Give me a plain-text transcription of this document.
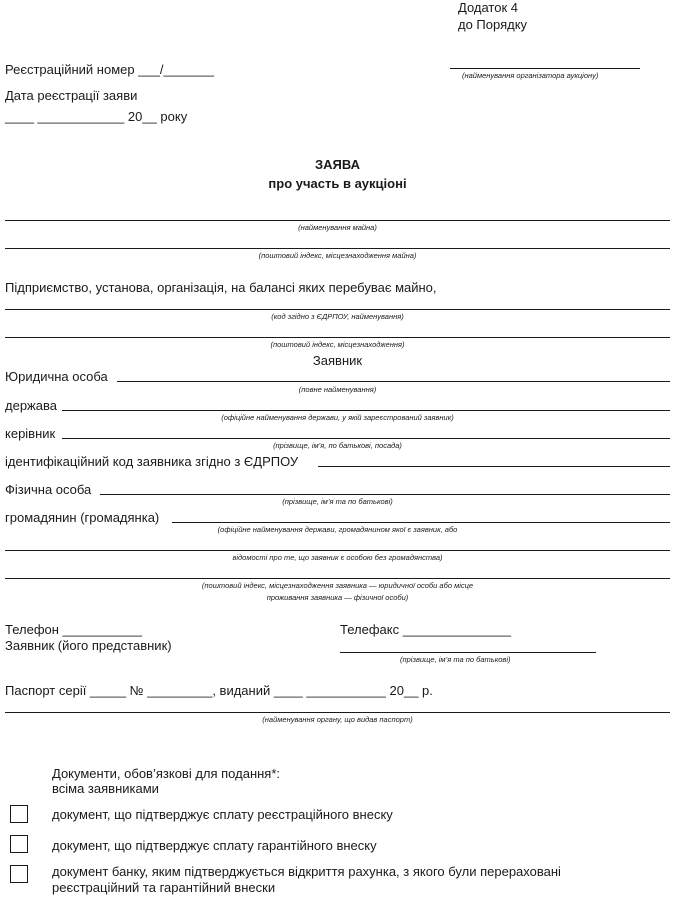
Додаток 4
до Порядку
Реєстраційний номер ___/_______	(найменування організатора аукціону)
Дата реєстрації заяви
____ ____________ 20__ року
ЗАЯВА
про участь в аукціоні
(найменування майна)
(поштовий індекс, місцезнаходження майна)
Підприємство, установа, організація, на балансі яких перебуває майно,
(код згідно з ЄДРПОУ, найменування)
(поштовий індекс, місцезнаходження)
Заявник
Юридична особа
(повне найменування)
держава
(офіційне найменування держави, у якій зареєстрований заявник)
керівник
(прізвище, ім’я, по батькові, посада)
ідентифікаційний код заявника згідно з ЄДРПОУ
Фізична особа
(прізвище, ім’я та по батькові)
громадянин (громадянка)
(офіційне найменування держави, громадянином якої є заявник, або
відомості про те, що заявник є особою без громадянства)
(поштовий індекс, місцезнаходження заявника — юридичної особи або місце
проживання заявника — фізичної особи)
Телефон ___________	Телефакс _______________
Заявник (його представник)
(прізвище, ім’я та по батькові)
Паспорт серії _____ № _________, виданий ____ ___________ 20__ р.
(найменування органу, що видав паспорт)
Документи, обов’язкові для подання*:
всіма заявниками
документ, що підтверджує сплату реєстраційного внеску
документ, що підтверджує сплату гарантійного внеску
документ банку, яким підтверджується відкриття рахунка, з якого були перераховані
реєстраційний та гарантійний внески
